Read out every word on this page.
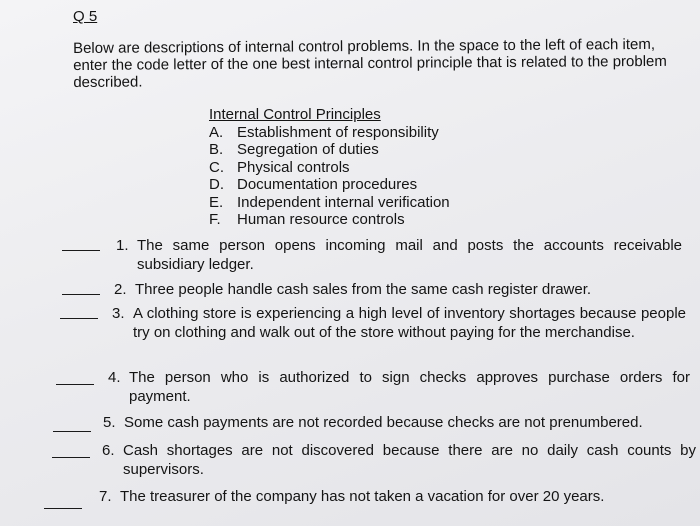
Q 5
Below are descriptions of internal control problems. In the space to the left of each item, enter the code letter of the one best internal control principle that is related to the problem described.
Internal Control Principles
A. Establishment of responsibility
B. Segregation of duties
C. Physical controls
D. Documentation procedures
E. Independent internal verification
F.	Human resource controls
1. The same person opens incoming mail and posts the accounts receivable subsidiary ledger.
2. Three people handle cash sales from the same cash register drawer.
3. A clothing store is experiencing a high level of inventory shortages because people try on clothing and walk out of the store without paying for the merchandise.
4. The person who is authorized to sign checks approves purchase orders for payment.
5. Some cash payments are not recorded because checks are not prenumbered.
6. Cash shortages are not discovered because there are no daily cash counts by supervisors.
7. The treasurer of the company has not taken a vacation for over 20 years.
